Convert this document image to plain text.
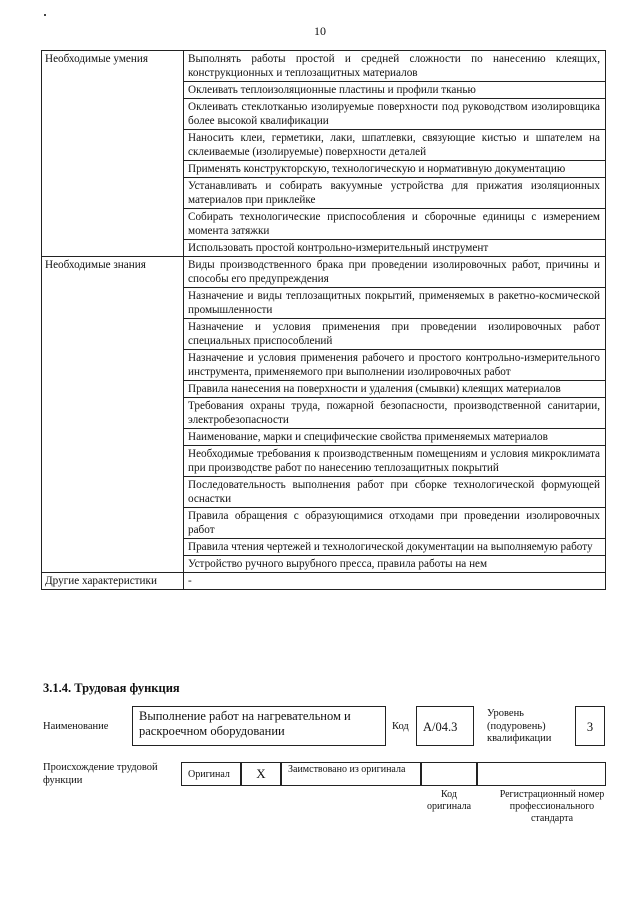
10
Необходимые умения	Выполнять работы простой и средней сложности по нанесению клеящих, конструкционных и теплозащитных материалов
	Оклеивать теплоизоляционные пластины и профили тканью
	Оклеивать стеклотканью изолируемые поверхности под руководством изолировщика более высокой квалификации
	Наносить клеи, герметики, лаки, шпатлевки, связующие кистью и шпателем на склеиваемые (изолируемые) поверхности деталей
	Применять конструкторскую, технологическую и нормативную документацию
	Устанавливать и собирать вакуумные устройства для прижатия изоляционных материалов при приклейке
	Собирать технологические приспособления и сборочные единицы с измерением момента затяжки
	Использовать простой контрольно-измерительный инструмент
Необходимые знания	Виды производственного брака при проведении изолировочных работ, причины и способы его предупреждения
	Назначение и виды теплозащитных покрытий, применяемых в ракетно-космической промышленности
	Назначение и условия применения при проведении изолировочных работ специальных приспособлений
	Назначение и условия применения рабочего и простого контрольно-измерительного инструмента, применяемого при выполнении изолировочных работ
	Правила нанесения на поверхности и удаления (смывки) клеящих материалов
	Требования охраны труда, пожарной безопасности, производственной санитарии, электробезопасности
	Наименование, марки и специфические свойства применяемых материалов
	Необходимые требования к производственным помещениям и условия микроклимата при производстве работ по нанесению теплозащитных покрытий
	Последовательность выполнения работ при сборке технологической формующей оснастки
	Правила обращения с образующимися отходами при проведении изолировочных работ
	Правила чтения чертежей и технологической документации на выполняемую работу
	Устройство ручного вырубного пресса, правила работы на нем
Другие характеристики	-
3.1.4. Трудовая функция
Наименование
Выполнение работ на нагревательном и раскроечном оборудовании	Код	А/04.3
Уровень (подуровень) квалификации
3
Происхождение трудовой функции	Оригинал	X	Заимствовано из оригинала
Код оригинала
Регистрационный номер профессионального стандарта
